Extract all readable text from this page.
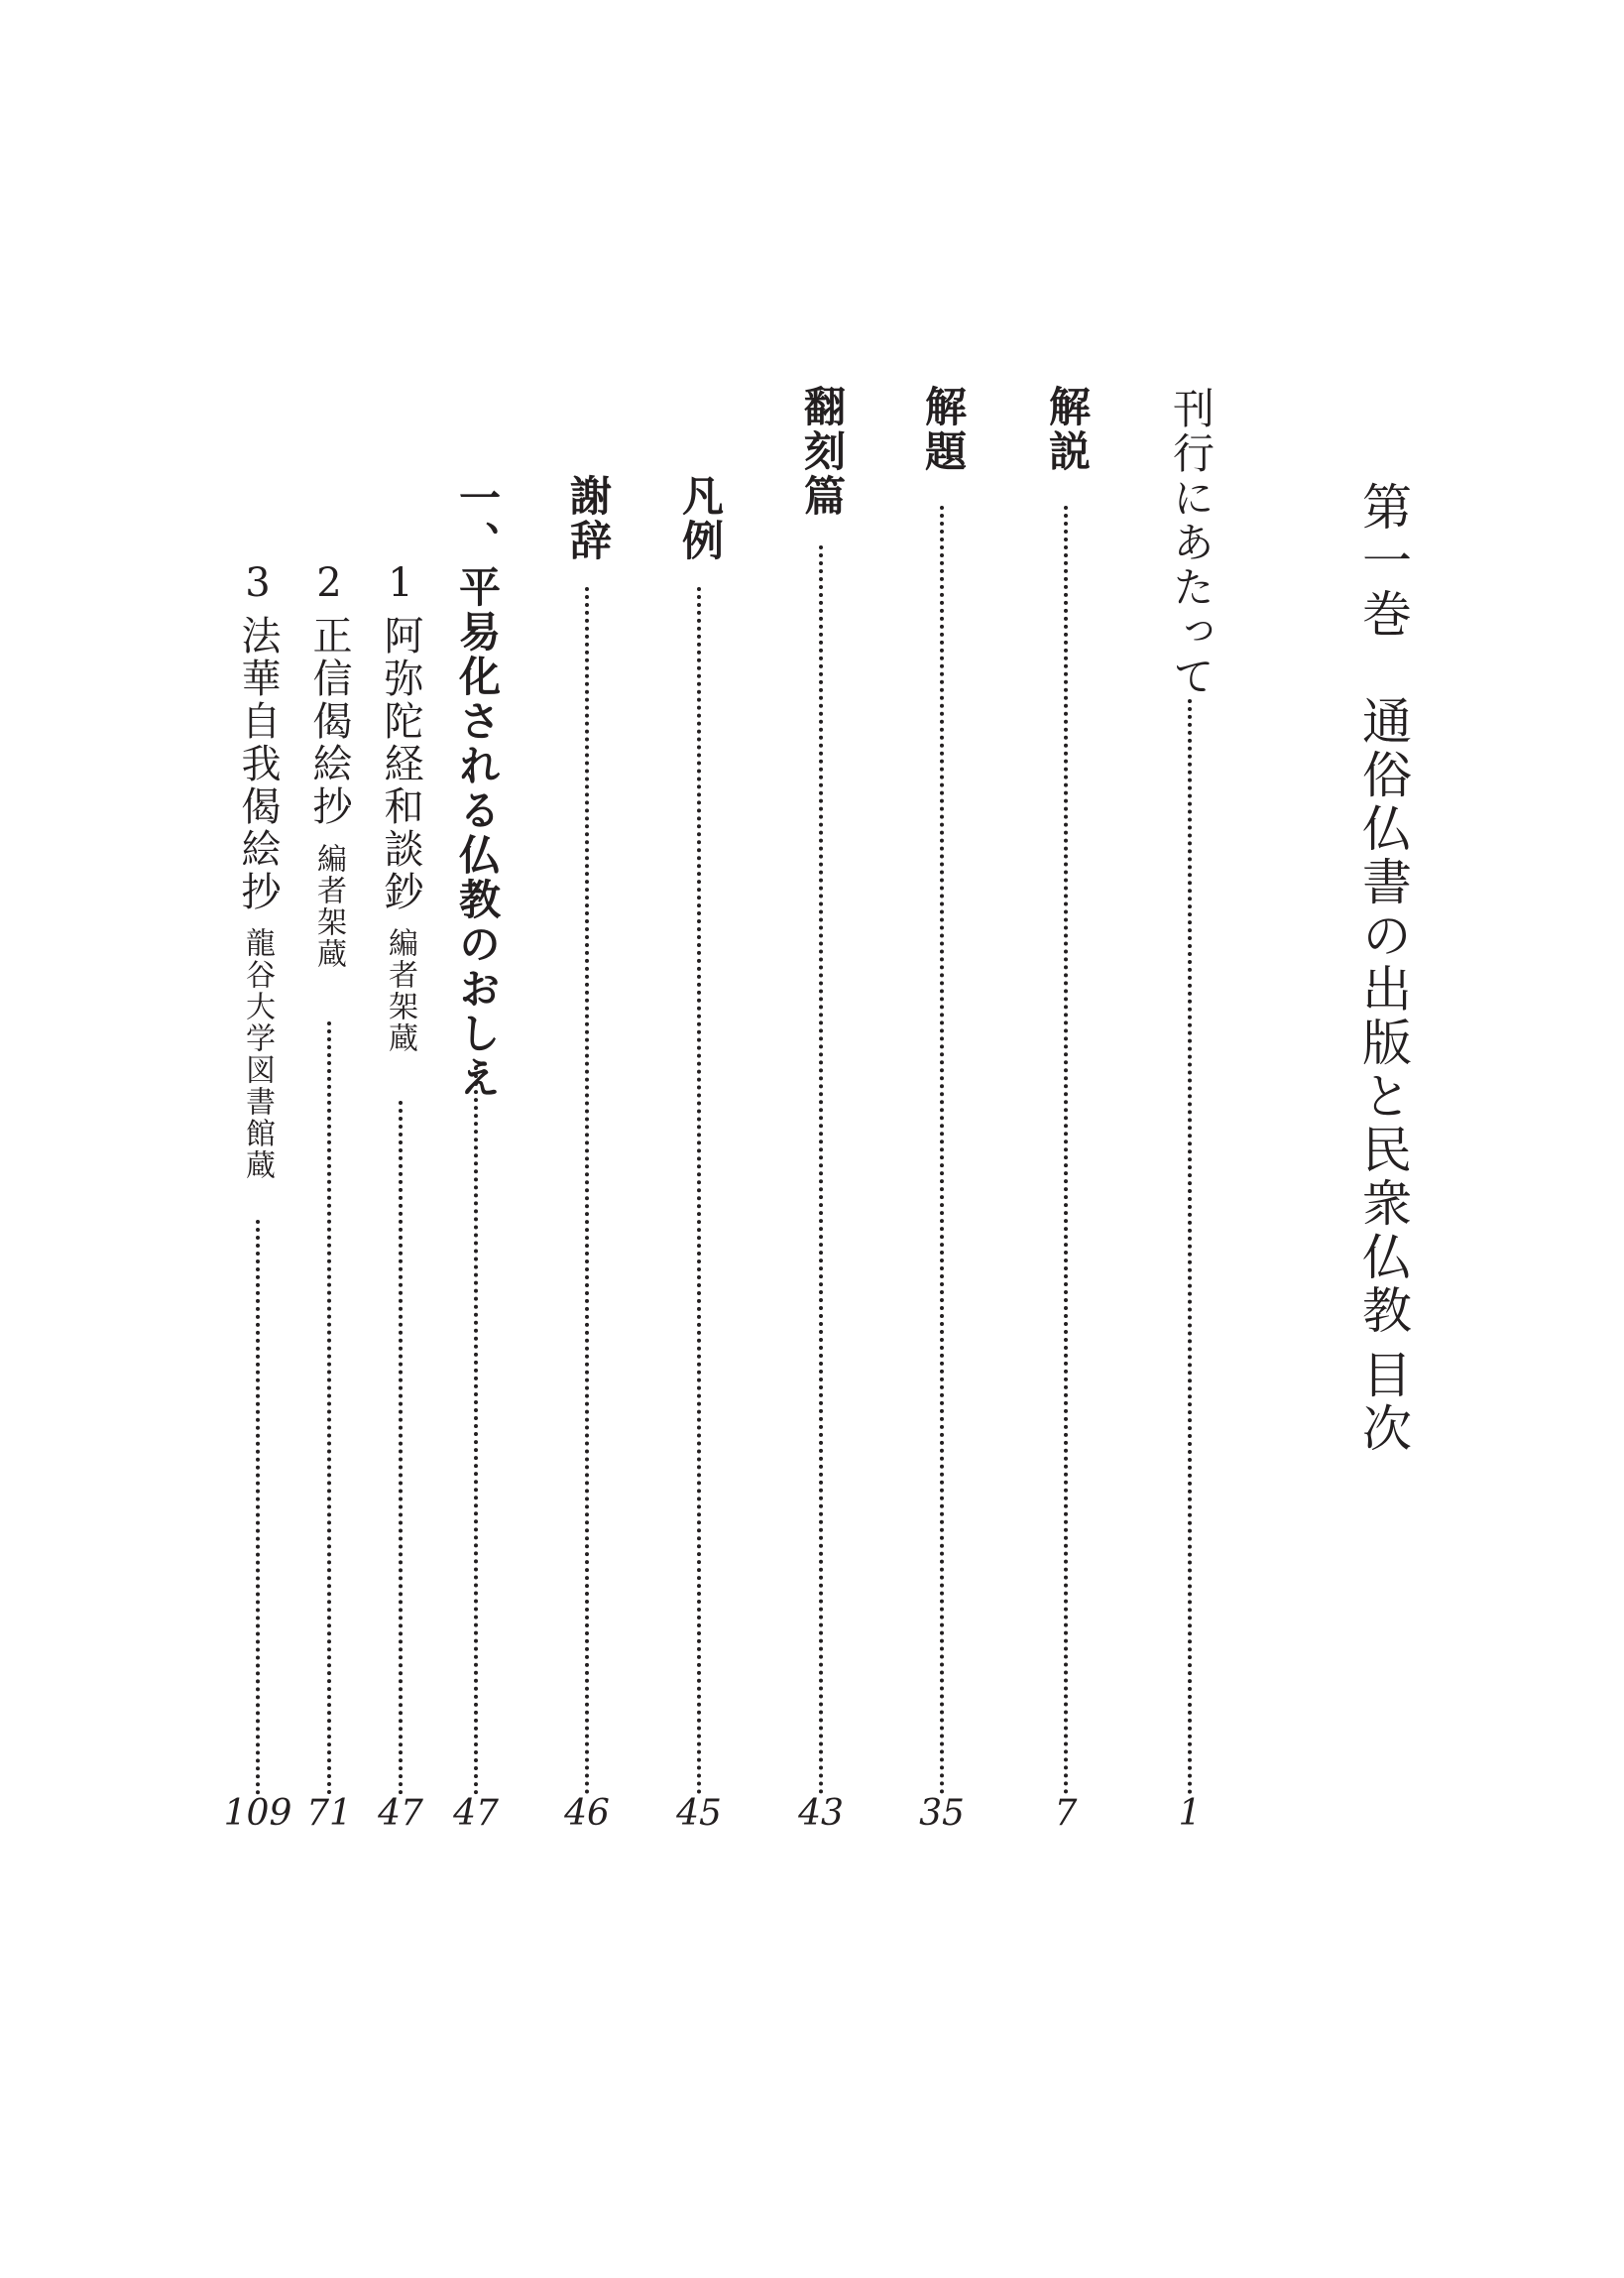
第一巻　通俗仏書の出版と民衆仏教
目次
刊行にあたって
1
解説
7
解題
35
翻刻篇
43
凡例
45
謝辞
46
一、平易化される仏教のおしえ
47
1
阿弥陀経和談鈔
編者架蔵
47
2
正信偈絵抄
編者架蔵
71
3
法華自我偈絵抄
龍谷大学図書館蔵
109
